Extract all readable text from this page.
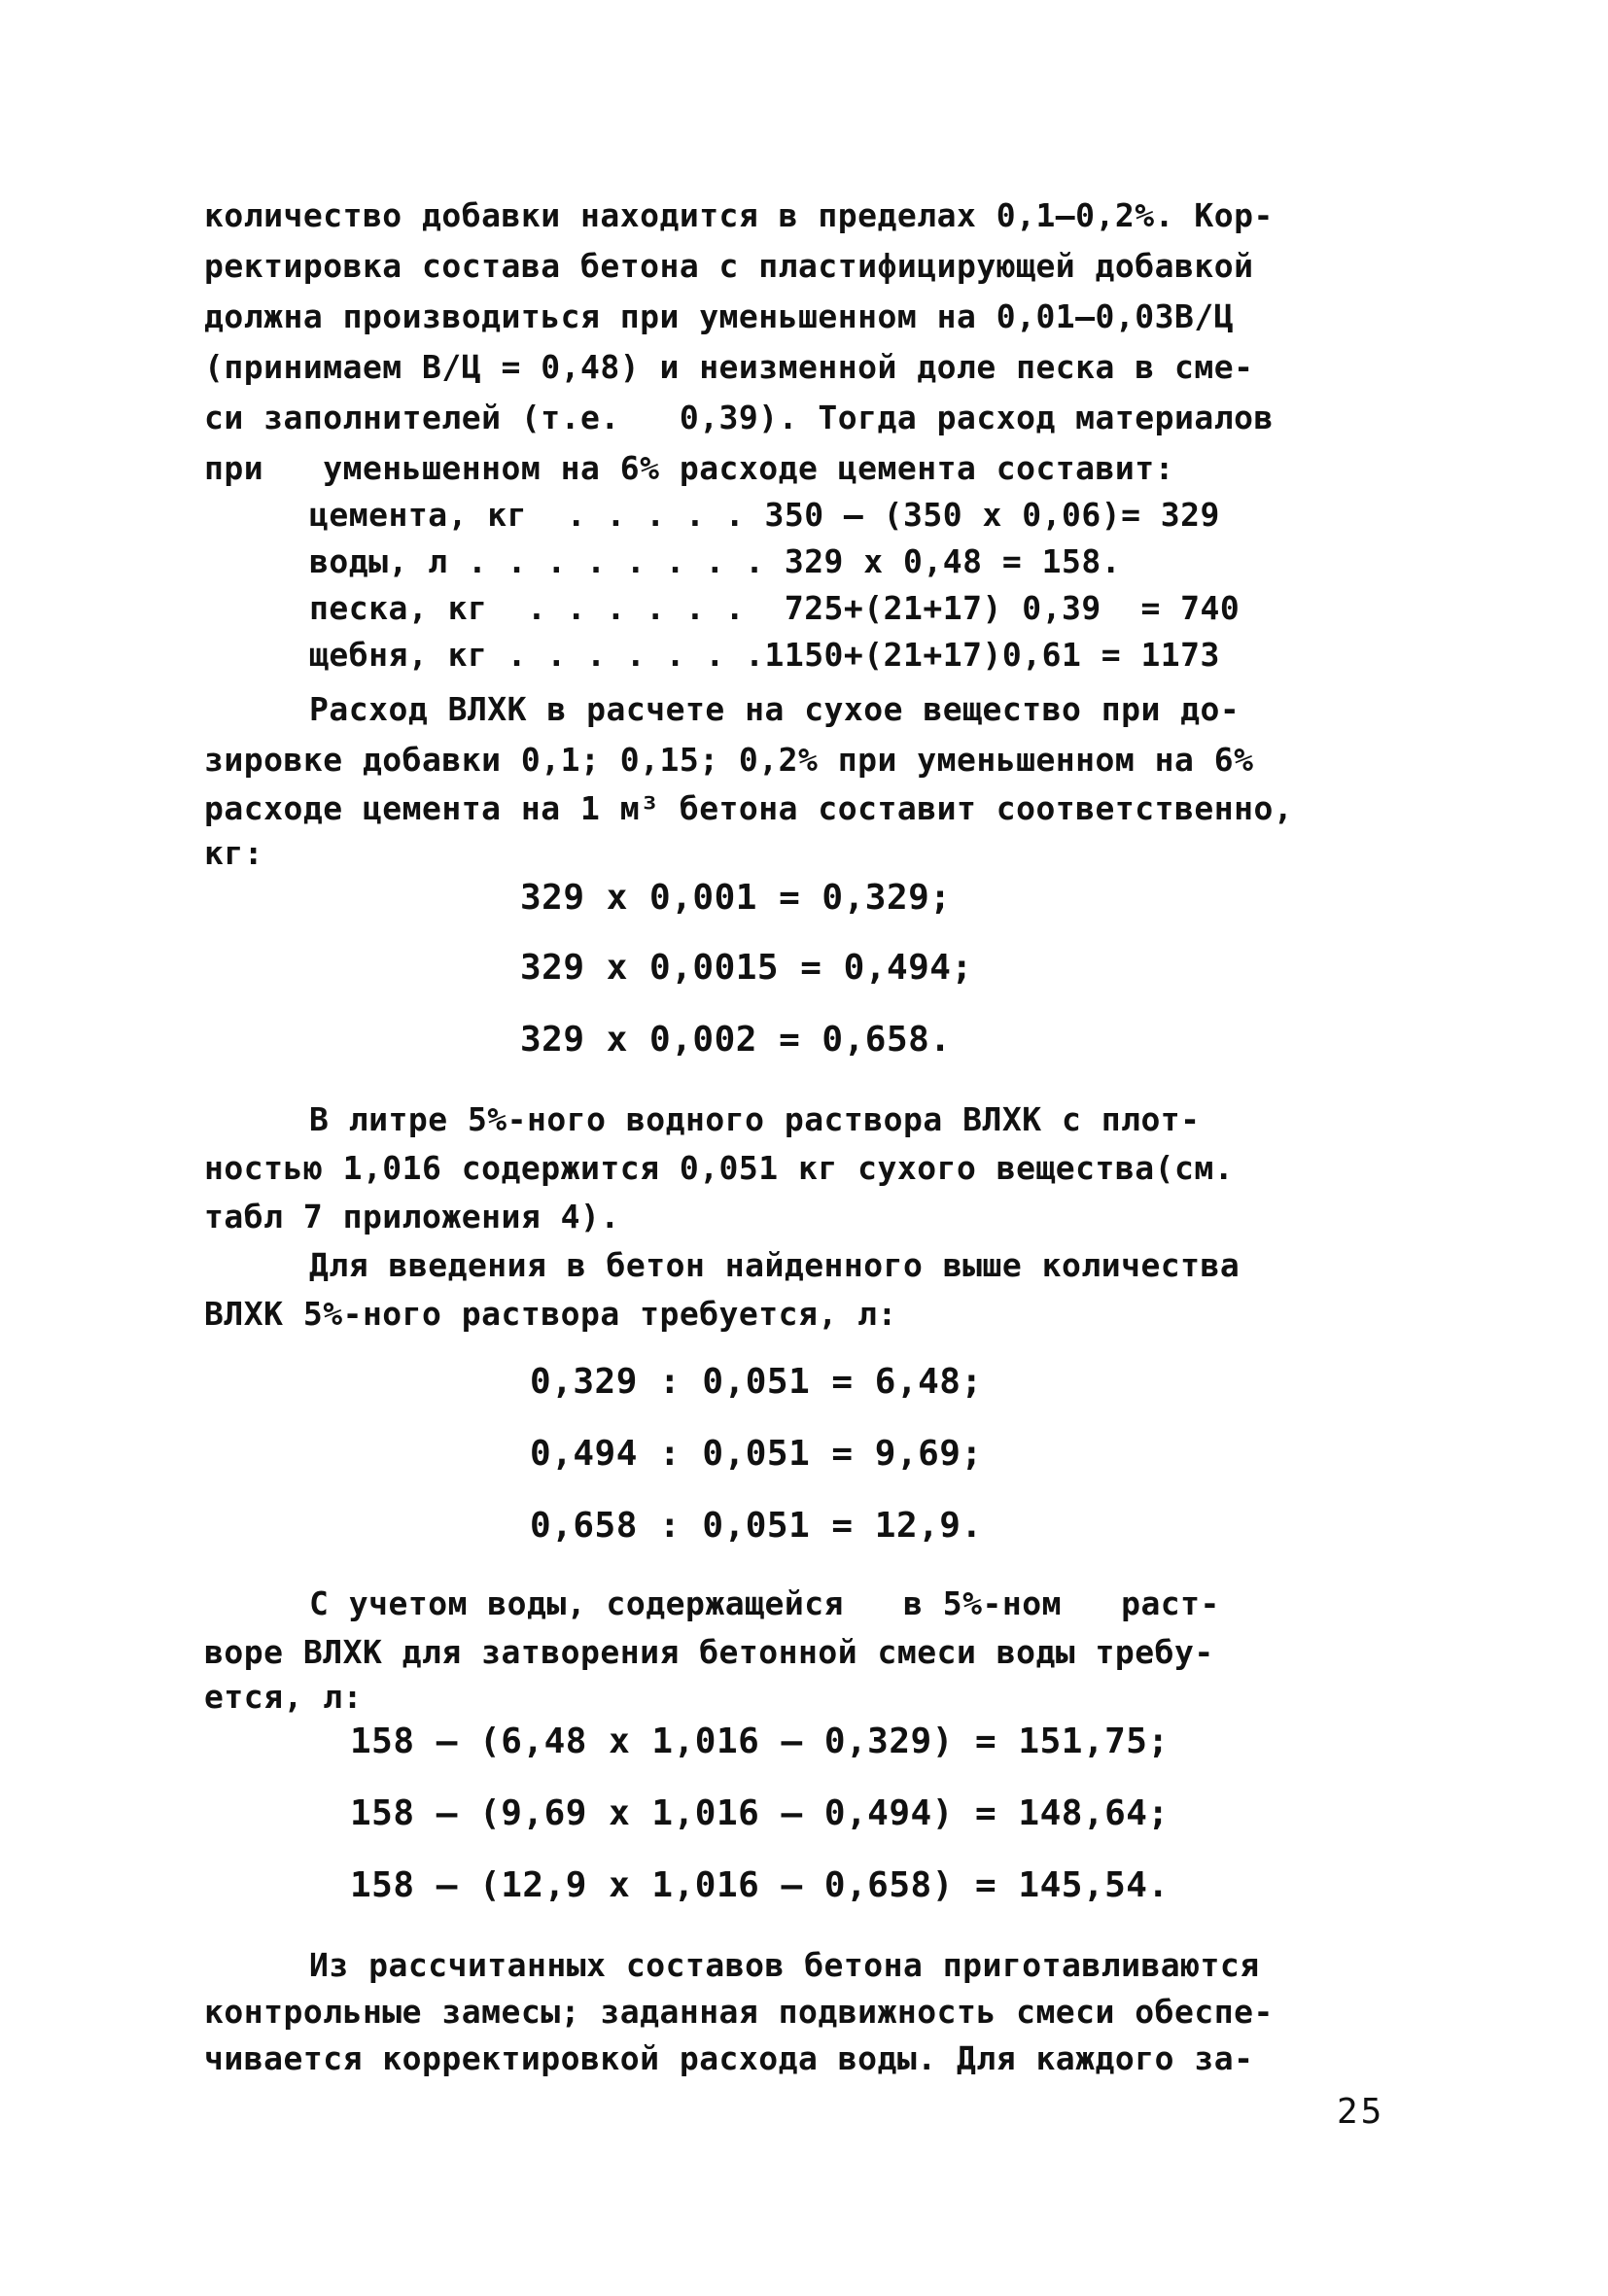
количество добавки находится в пределах 0,1–0,2%. Кор-
ректировка состава бетона с пластифицирующей добавкой
должна производиться при уменьшенном на 0,01–0,03В/Ц
(принимаем В/Ц = 0,48) и неизменной доле песка в сме-
си заполнителей (т.е.   0,39). Тогда расход материалов
при   уменьшенном на 6% расходе цемента составит:
цемента, кг  . . . . . 350 – (350 х 0,06)= 329
воды, л . . . . . . . . 329 х 0,48 = 158.
песка, кг  . . . . . .  725+(21+17) 0,39  = 740
щебня, кг . . . . . . .1150+(21+17)0,61 = 1173
Расход ВЛХК в расчете на сухое вещество при до-
зировке добавки 0,1; 0,15; 0,2% при уменьшенном на 6%
расходе цемента на 1 м³ бетона составит соответственно,
кг:
329 х 0,001 = 0,329;
329 х 0,0015 = 0,494;
329 х 0,002 = 0,658.
В литре 5%-ного водного раствора ВЛХК с плот-
ностью 1,016 содержится 0,051 кг сухого вещества(см.
табл 7 приложения 4).
Для введения в бетон найденного выше количества
ВЛХК 5%-ного раствора требуется, л:
0,329 : 0,051 = 6,48;
0,494 : 0,051 = 9,69;
0,658 : 0,051 = 12,9.
С учетом воды, содержащейся   в 5%-ном   раст-
воре ВЛХК для затворения бетонной смеси воды требу-
ется, л:
158 – (6,48 х 1,016 – 0,329) = 151,75;
158 – (9,69 х 1,016 – 0,494) = 148,64;
158 – (12,9 х 1,016 – 0,658) = 145,54.
Из рассчитанных составов бетона приготавливаются
контрольные замесы; заданная подвижность смеси обеспе-
чивается корректировкой расхода воды. Для каждого за-
25
